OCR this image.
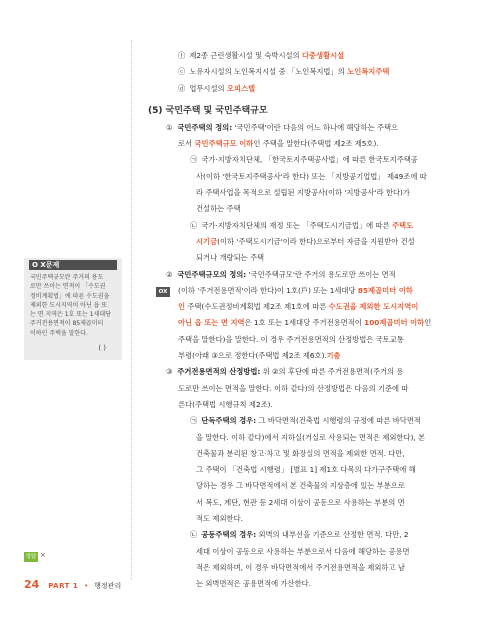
O X문제
국민주택규모란 주거의 용도
로만 쓰이는 면적이 「수도권
정비계획법」에 따른 수도권을
제외한 도시지역이 아닌 읍 또
는 면 지역은 1호 또는 1세대당
주거전용면적이 85제곱미터
이하인 주택을 말한다.
( )
정답 ×
OX
ⓛ 제2종 근린생활시설 및 숙박시설의 다중생활시설
ⓒ 노유자시설의 노인복지시설 중 「노인복지법」의 노인복지주택
ⓓ 업무시설의 오피스텔
(5) 국민주택 및 국민주택규모
① 국민주택의 정의: '국민주택'이란 다음의 어느 하나에 해당하는 주택으
로서 국민주택규모 이하인 주택을 말한다(주택법 제2조 제5호).
㉠ 국가·지방자치단체, 「한국토지주택공사법」에 따른 한국토지주택공
사(이하 '한국토지주택공사'라 한다) 또는 「지방공기업법」 제49조에 따
라 주택사업을 목적으로 설립된 지방공사(이하 '지방공사'라 한다)가
건설하는 주택
㉡ 국가·지방자치단체의 재정 또는 「주택도시기금법」에 따른 주택도
시기금(이하 '주택도시기금'이라 한다)으로부터 자금을 지원받아 건설
되거나 개량되는 주택
② 국민주택규모의 정의: '국민주택규모'란 주거의 용도로만 쓰이는 면적
(이하 '주거전용면적'이라 한다)이 1호(戶) 또는 1세대당 85제곱미터 이하
인 주택(수도권정비계획법 제2조 제1호에 따른 수도권을 제외한 도시지역이
아닌 읍 또는 면 지역은 1호 또는 1세대당 주거전용면적이 100제곱미터 이하인
주택을 말한다)을 말한다. 이 경우 주거전용면적의 산정방법은 국토교통
부령(아래 ③으로 정한다(주택법 제2조 제6호).기출
③ 주거전용면적의 산정방법: 위 ②의 후단에 따른 주거전용면적(주거의 용
도로만 쓰이는 면적을 말한다. 이하 같다)의 산정방법은 다음의 기준에 따
른다(주택법 시행규칙 제2조).
㉠ 단독주택의 경우: 그 바닥면적(건축법 시행령의 규정에 따른 바닥면적
을 말한다. 이하 같다)에서 지하실(거실로 사용되는 면적은 제외한다), 본
건축물과 분리된 창고·차고 및 화장실의 면적을 제외한 면적. 다만,
그 주택이 「건축법 시행령」 [별표 1] 제1호 다목의 다가구주택에 해
당하는 경우 그 바닥면적에서 본 건축물의 지상층에 있는 부분으로
서 복도, 계단, 현관 등 2세대 이상이 공동으로 사용하는 부분의 면
적도 제외한다.
㉡ 공동주택의 경우: 외벽의 내부선을 기준으로 산정한 면적. 다만, 2
세대 이상이 공동으로 사용하는 부분으로서 다음에 해당하는 공용면
적은 제외하며, 이 경우 바닥면적에서 주거전용면적을 제외하고 남
는 외벽면적은 공용면적에 가산한다.
24 PART 1 • 행정관리
